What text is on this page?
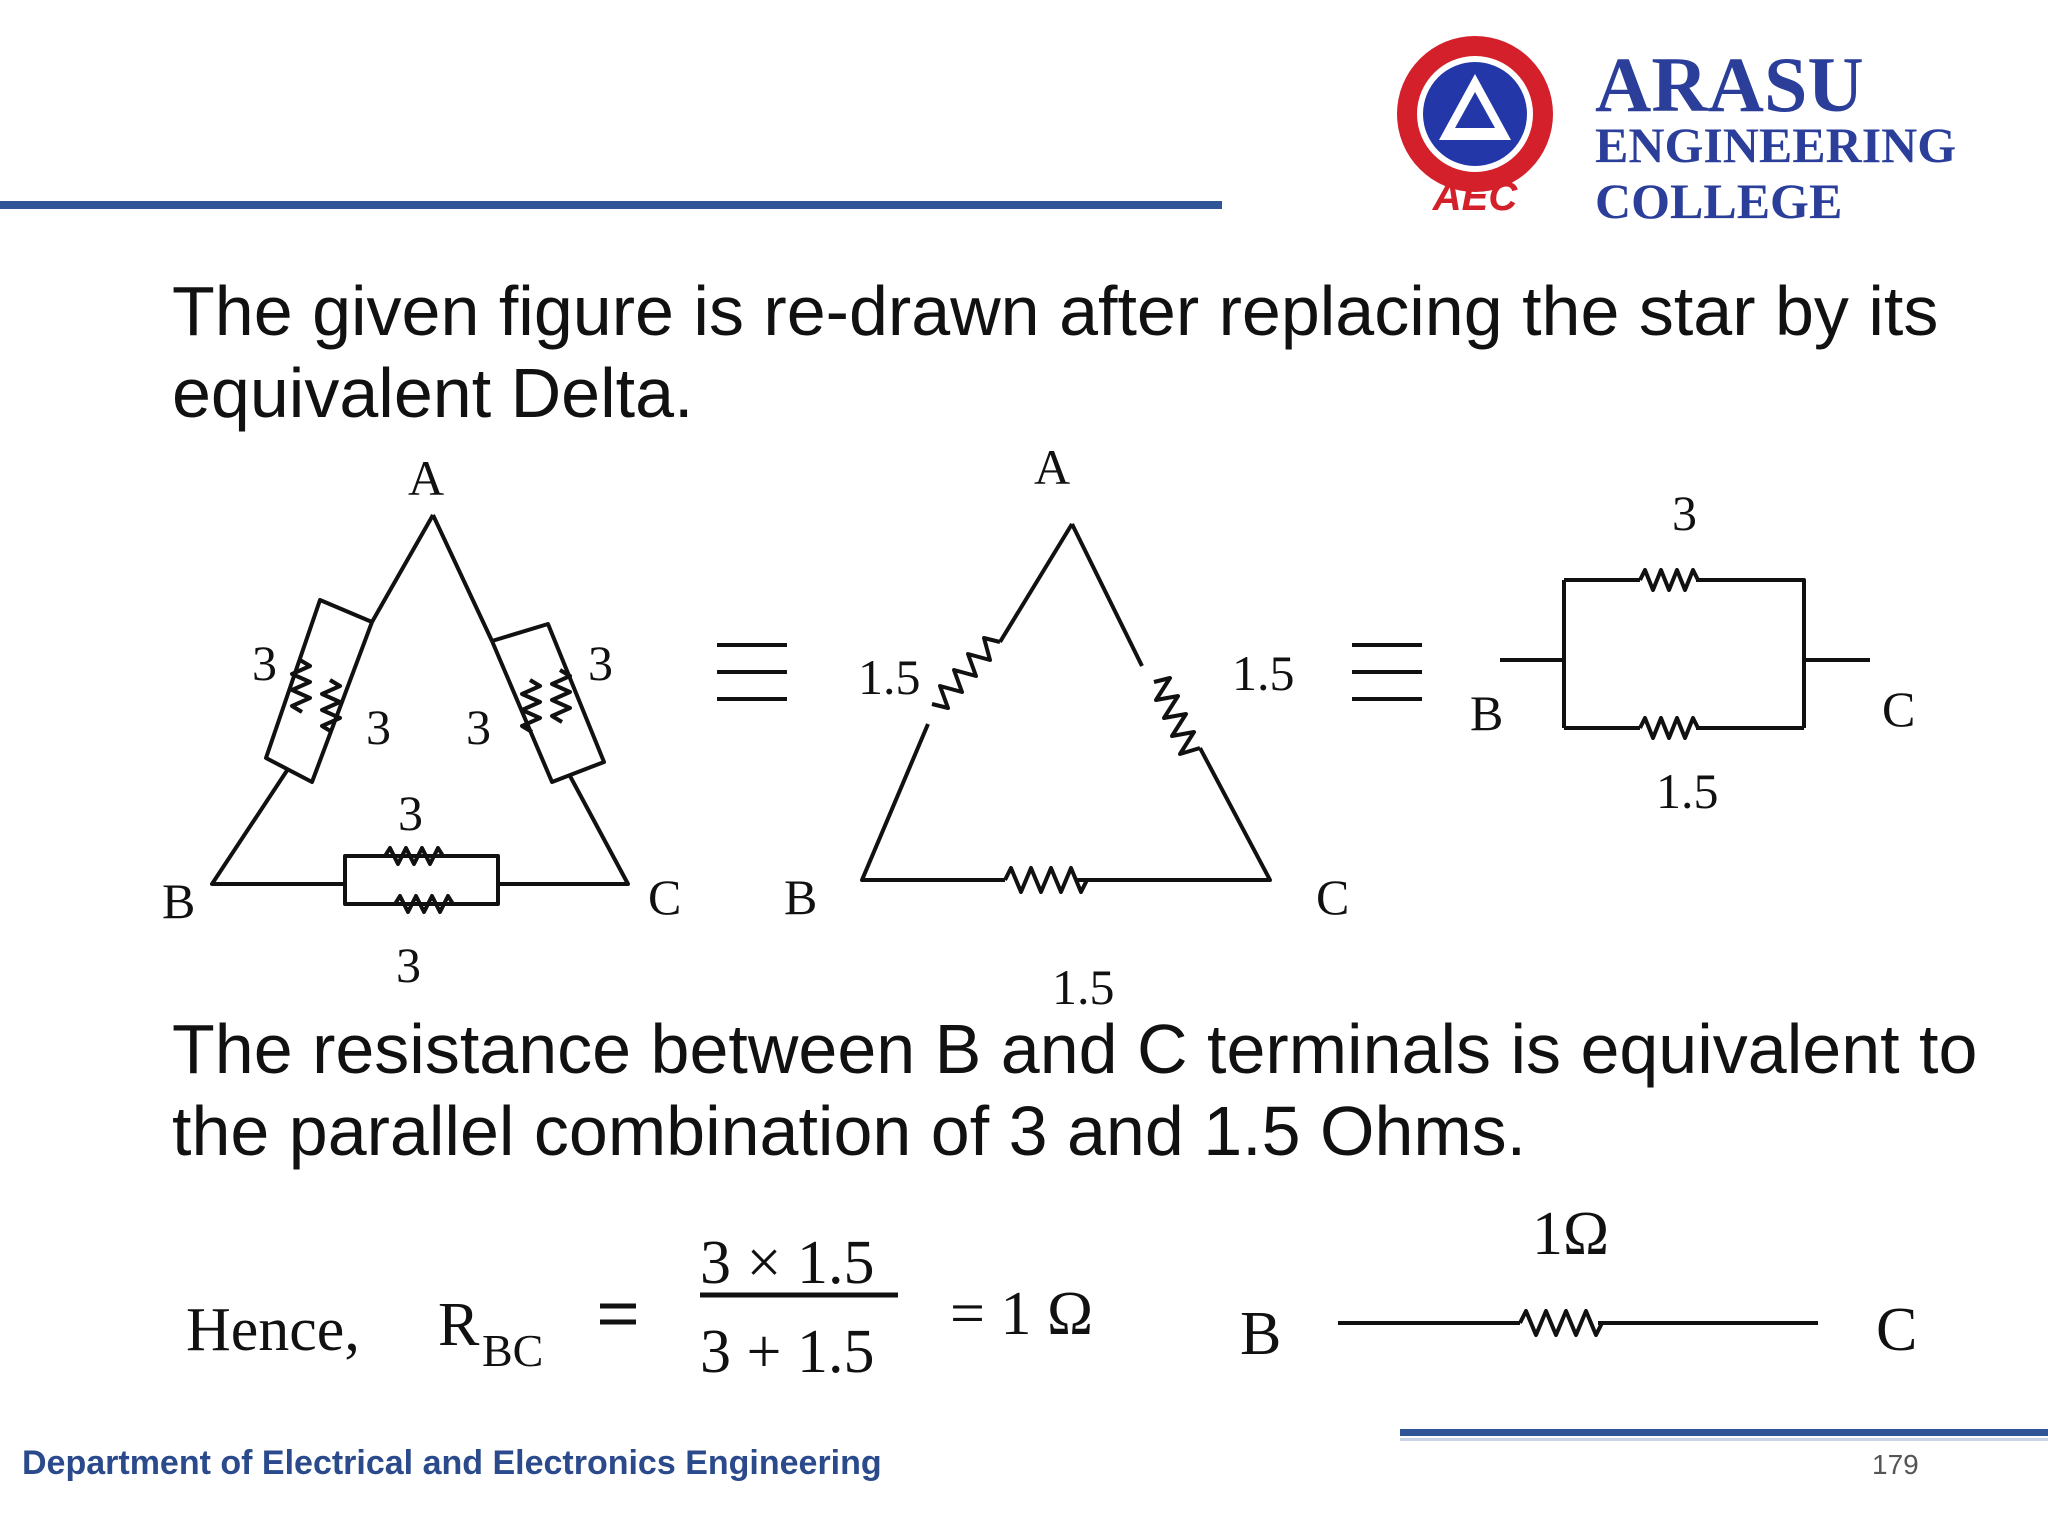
AEC
ARASU
ENGINEERING
COLLEGE
The given figure is re-drawn after replacing the star by its equivalent Delta.
A
B	C
3
3 3
3
3
3
A
B	C
1.5	1.5
1.5
3
1.5
B	C
Hence, R BC
3 × 1.5
3 + 1.5
= 1 Ω B	C
1Ω
The resistance between B and C terminals is equivalent to the parallel combination of 3 and 1.5 Ohms.
Department of Electrical and Electronics Engineering	179
